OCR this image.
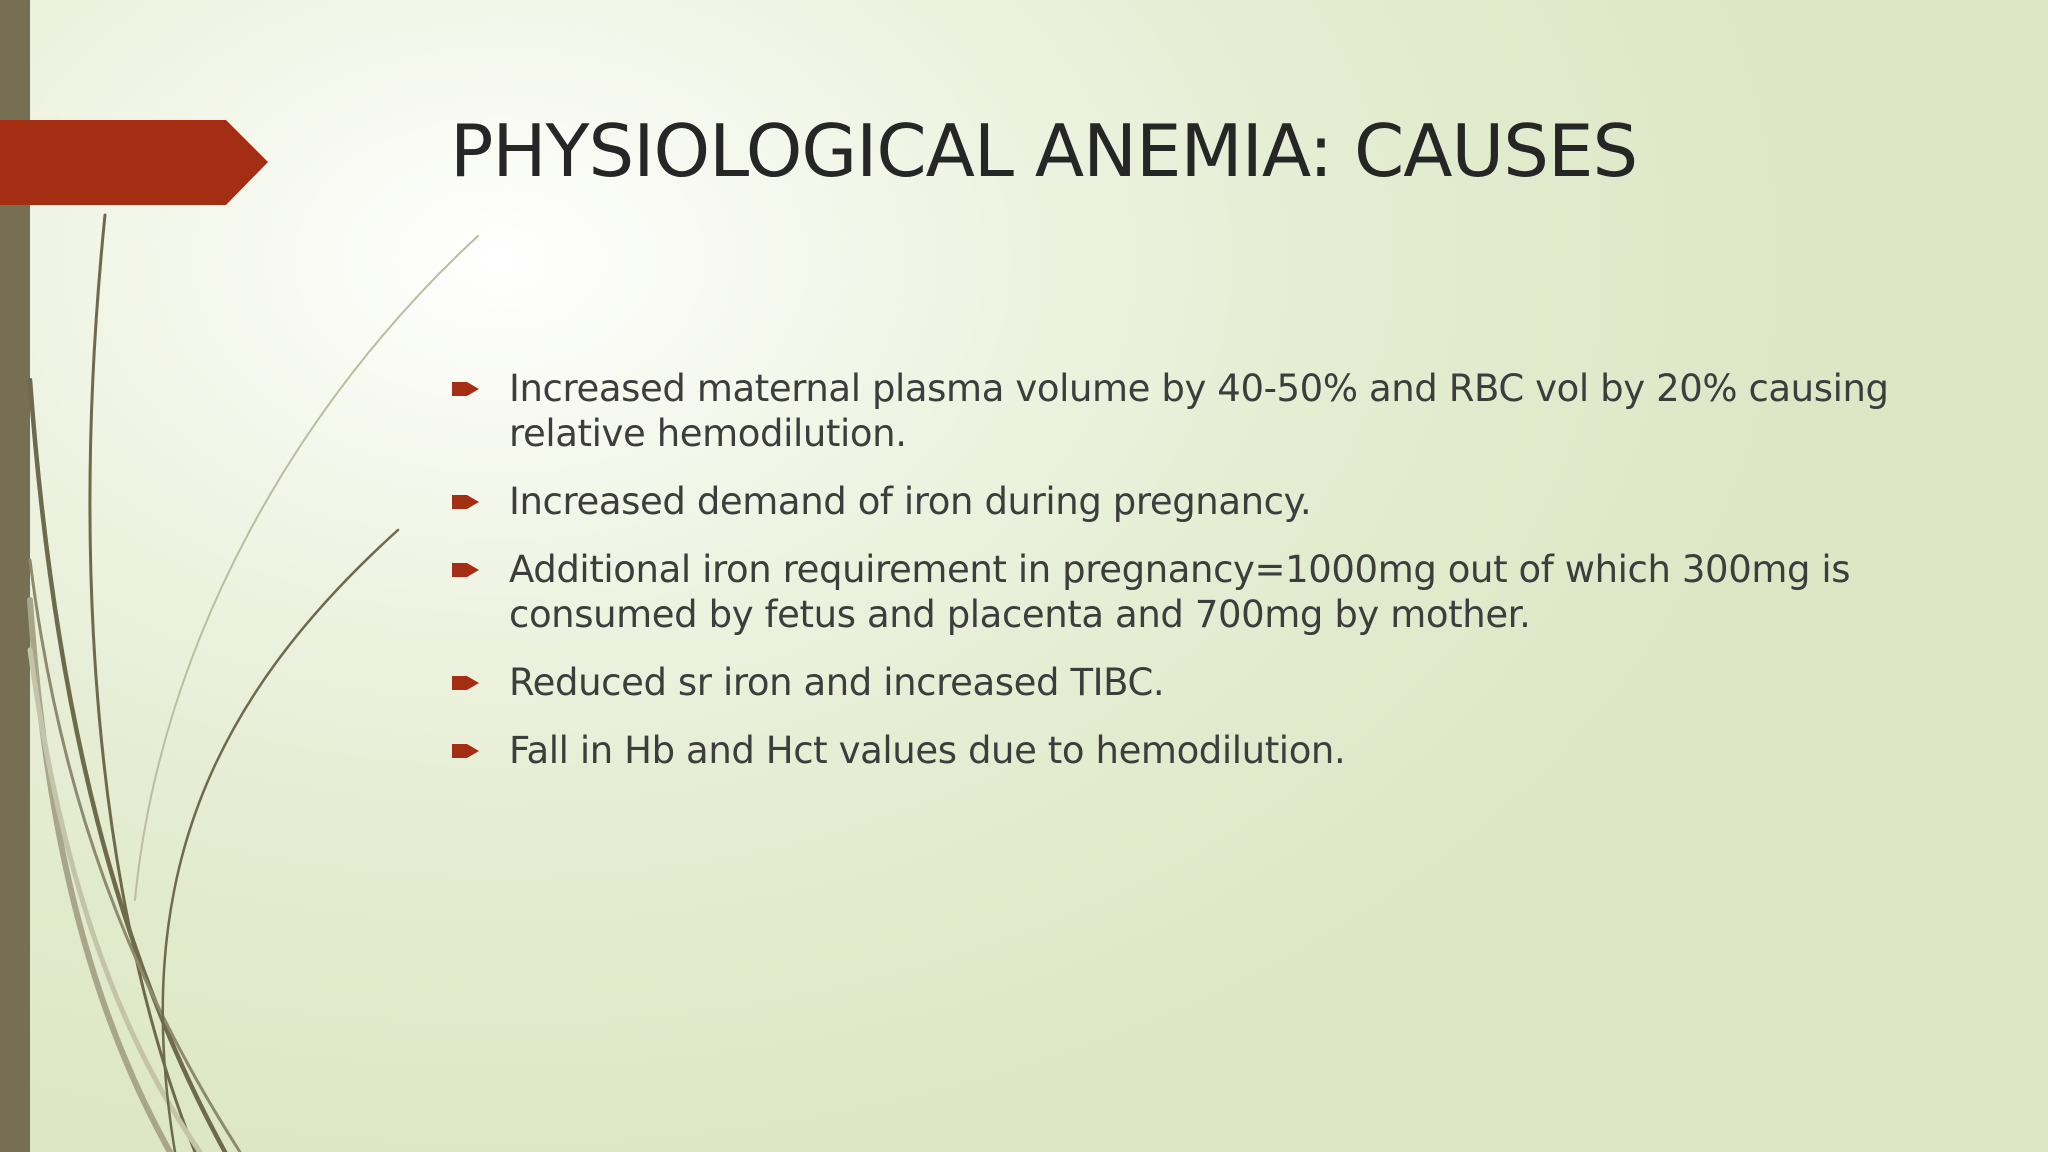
PHYSIOLOGICAL ANEMIA: CAUSES
Increased maternal plasma volume by 40-50% and RBC vol by 20% causing relative hemodilution.
Increased demand of iron during pregnancy.
Additional iron requirement in pregnancy=1000mg out of which 300mg is consumed by fetus and placenta and 700mg by mother.
Reduced sr iron and increased TIBC.
Fall in Hb and Hct values due to hemodilution.
